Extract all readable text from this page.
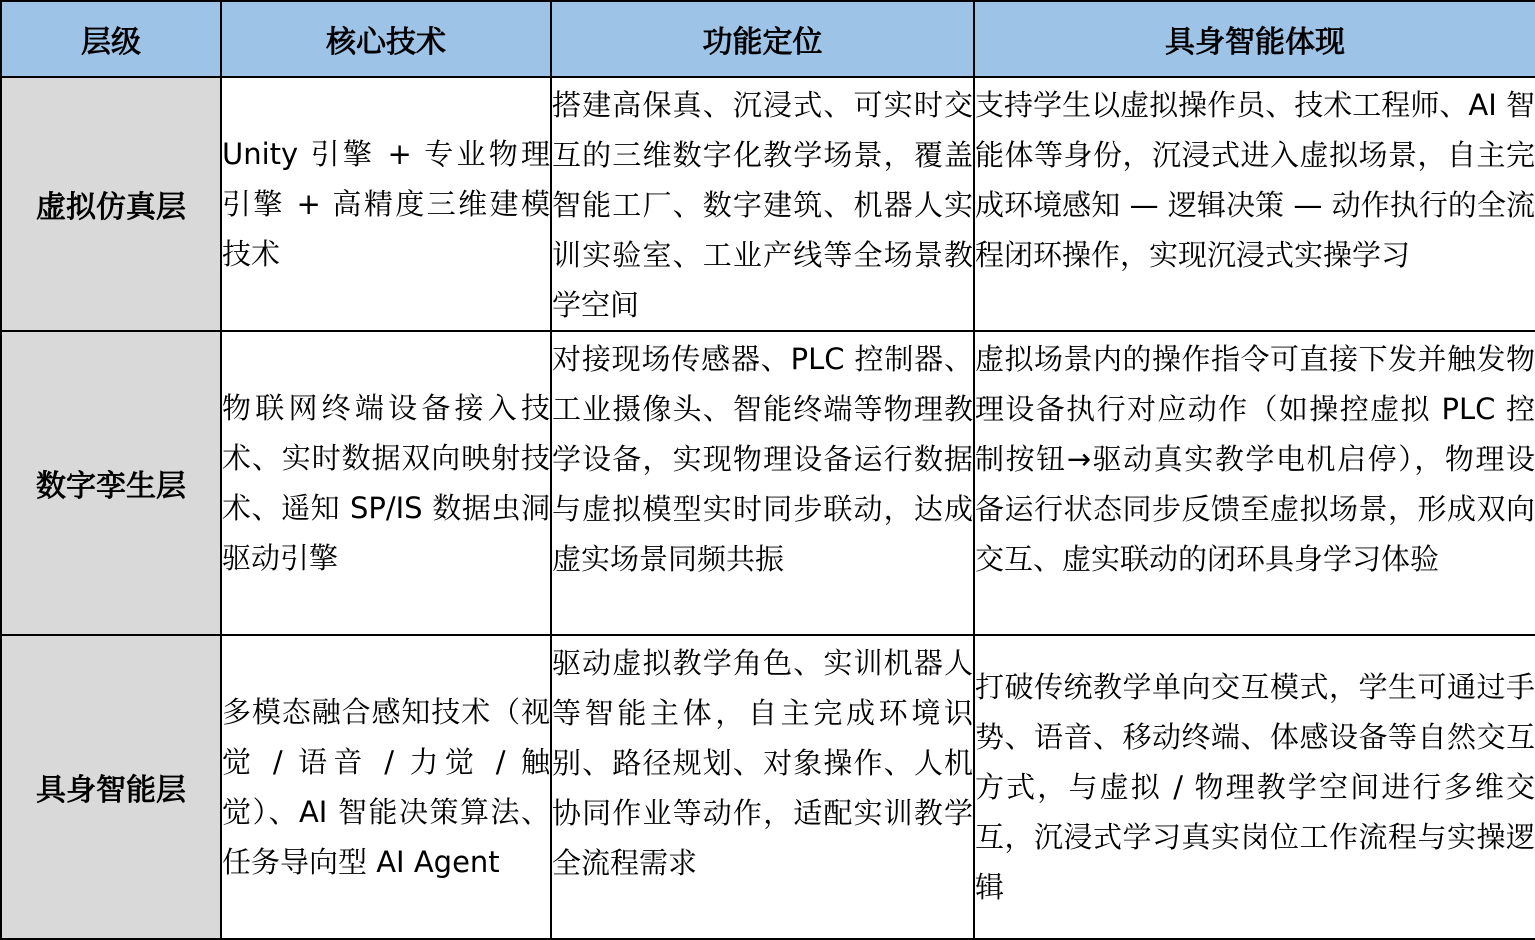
层级	核心技术	功能定位	具身智能体现
虚拟仿真层	Unity 引擎 + 专业物理引擎 + 高精度三维建模技术	搭建高保真、沉浸式、可实时交互的三维数字化教学场景，覆盖智能工厂、数字建筑、机器人实训实验室、工业产线等全场景教学空间	支持学生以虚拟操作员、技术工程师、AI 智能体等身份，沉浸式进入虚拟场景，自主完成环境感知 — 逻辑决策 — 动作执行的全流程闭环操作，实现沉浸式实操学习
数字孪生层	物联网终端设备接入技术、实时数据双向映射技术、遥知 SP/IS 数据虫洞驱动引擎	对接现场传感器、PLC 控制器、工业摄像头、智能终端等物理教学设备，实现物理设备运行数据与虚拟模型实时同步联动，达成虚实场景同频共振	虚拟场景内的操作指令可直接下发并触发物理设备执行对应动作（如操控虚拟 PLC 控制按钮→驱动真实教学电机启停），物理设备运行状态同步反馈至虚拟场景，形成双向交互、虚实联动的闭环具身学习体验
具身智能层	多模态融合感知技术（视觉 / 语音 / 力觉 / 触觉）、AI 智能决策算法、任务导向型 AI Agent	驱动虚拟教学角色、实训机器人等智能主体，自主完成环境识别、路径规划、对象操作、人机协同作业等动作，适配实训教学全流程需求	打破传统教学单向交互模式，学生可通过手势、语音、移动终端、体感设备等自然交互方式，与虚拟 / 物理教学空间进行多维交互，沉浸式学习真实岗位工作流程与实操逻辑
